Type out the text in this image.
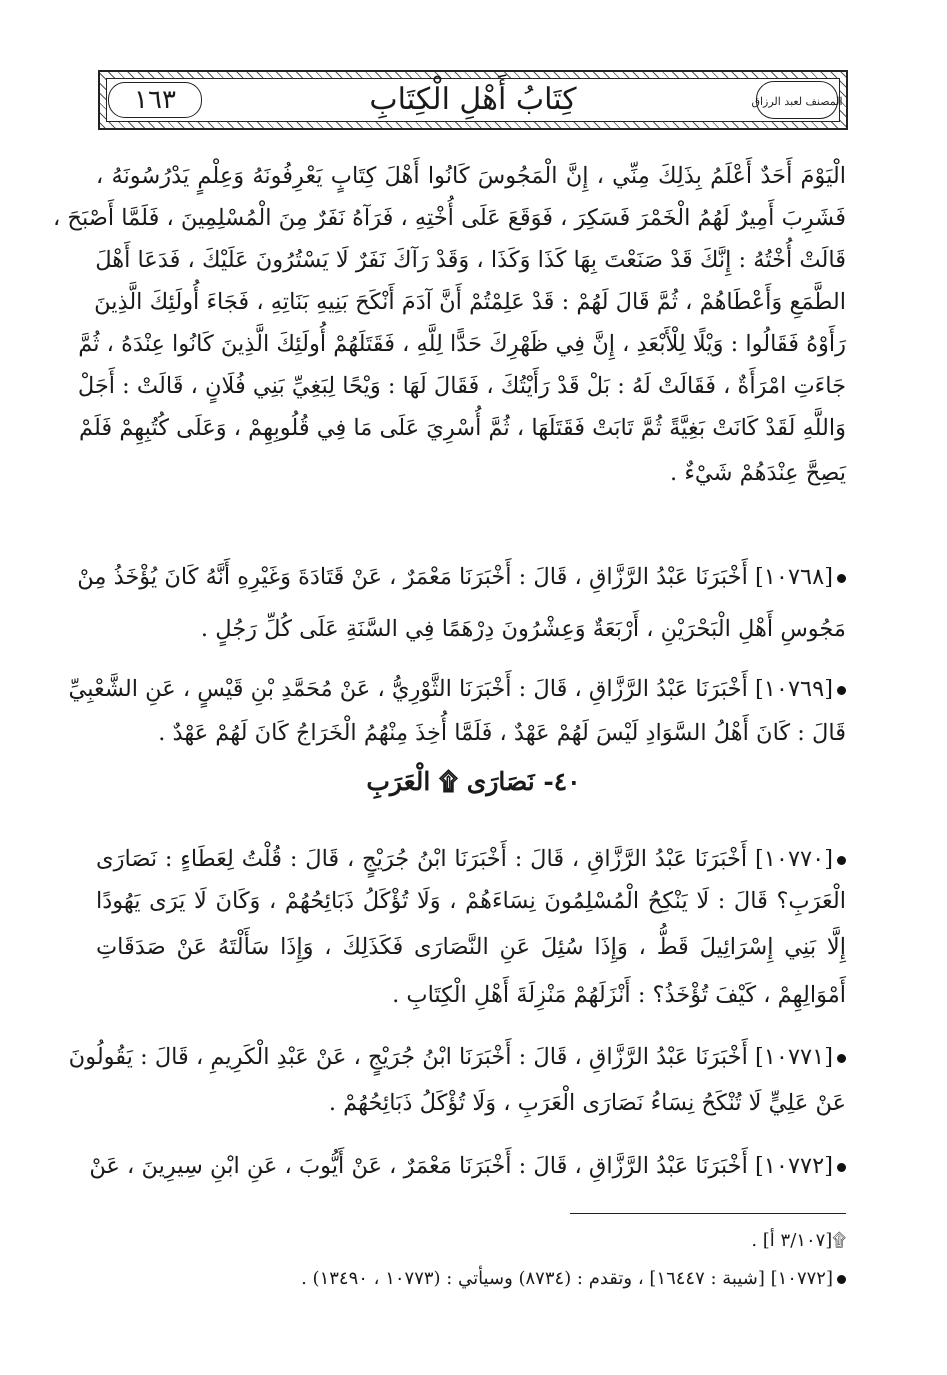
١٦٣	كِتَابُ أَهْلِ الْكِتَابِ	المصنف لعبد الرزاق
الْيَوْمَ أَحَدٌ أَعْلَمُ بِذَلِكَ مِنِّي ، إِنَّ الْمَجُوسَ كَانُوا أَهْلَ كِتَابٍ يَعْرِفُونَهُ وَعِلْمٍ يَدْرُسُونَهُ ،
فَشَرِبَ أَمِيرٌ لَهُمُ الْخَمْرَ فَسَكِرَ ، فَوَقَعَ عَلَى أُخْتِهِ ، فَرَآهُ نَفَرٌ مِنَ الْمُسْلِمِينَ ، فَلَمَّا أَصْبَحَ ،
قَالَتْ أُخْتُهُ : إِنَّكَ قَدْ صَنَعْتَ بِهَا كَذَا وَكَذَا ، وَقَدْ رَآكَ نَفَرٌ لَا يَسْتُرُونَ عَلَيْكَ ، فَدَعَا أَهْلَ
الطَّمَعِ وَأَعْطَاهُمْ ، ثُمَّ قَالَ لَهُمْ : قَدْ عَلِمْتُمْ أَنَّ آدَمَ أَنْكَحَ بَنِيهِ بَنَاتِهِ ، فَجَاءَ أُولَئِكَ الَّذِينَ
رَأَوْهُ فَقَالُوا : وَيْلًا لِلْأَبْعَدِ ، إِنَّ فِي ظَهْرِكَ حَدًّا لِلَّهِ ، فَقَتَلَهُمْ أُولَئِكَ الَّذِينَ كَانُوا عِنْدَهُ ، ثُمَّ
جَاءَتِ امْرَأَةٌ ، فَقَالَتْ لَهُ : بَلْ قَدْ رَأَيْتُكَ ، فَقَالَ لَهَا : وَيْحًا لِبَغِيِّ بَنِي فُلَانٍ ، قَالَتْ : أَجَلْ
وَاللَّهِ لَقَدْ كَانَتْ بَغِيَّةً ثُمَّ تَابَتْ فَقَتَلَهَا ، ثُمَّ أُسْرِيَ عَلَى مَا فِي قُلُوبِهِمْ ، وَعَلَى كُتُبِهِمْ فَلَمْ
يَصِحَّ عِنْدَهُمْ شَيْءٌ .
[١٠٧٦٨] أَخْبَرَنَا عَبْدُ الرَّزَّاقِ ، قَالَ : أَخْبَرَنَا مَعْمَرٌ ، عَنْ قَتَادَةَ وَغَيْرِهِ أَنَّهُ كَانَ يُؤْخَذُ مِنْ
مَجُوسِ أَهْلِ الْبَحْرَيْنِ ، أَرْبَعَةٌ وَعِشْرُونَ دِرْهَمًا فِي السَّنَةِ عَلَى كُلِّ رَجُلٍ .
[١٠٧٦٩] أَخْبَرَنَا عَبْدُ الرَّزَّاقِ ، قَالَ : أَخْبَرَنَا الثَّوْرِيُّ ، عَنْ مُحَمَّدِ بْنِ قَيْسٍ ، عَنِ الشَّعْبِيِّ
قَالَ : كَانَ أَهْلُ السَّوَادِ لَيْسَ لَهُمْ عَهْدٌ ، فَلَمَّا أُخِذَ مِنْهُمُ الْخَرَاجُ كَانَ لَهُمْ عَهْدٌ .
٤٠- نَصَارَى ۩ الْعَرَبِ
[١٠٧٧٠] أَخْبَرَنَا عَبْدُ الرَّزَّاقِ ، قَالَ : أَخْبَرَنَا ابْنُ جُرَيْجٍ ، قَالَ : قُلْتُ لِعَطَاءٍ : نَصَارَى
الْعَرَبِ؟ قَالَ : لَا يَنْكِحُ الْمُسْلِمُونَ نِسَاءَهُمْ ، وَلَا تُؤْكَلُ ذَبَائِحُهُمْ ، وَكَانَ لَا يَرَى يَهُودًا
إِلَّا بَنِي إِسْرَائِيلَ قَطُّ ، وَإِذَا سُئِلَ عَنِ النَّصَارَى فَكَذَلِكَ ، وَإِذَا سَأَلْتَهُ عَنْ صَدَقَاتِ
أَمْوَالِهِمْ ، كَيْفَ تُؤْخَذُ؟ : أَنْزَلَهُمْ مَنْزِلَةَ أَهْلِ الْكِتَابِ .
[١٠٧٧١] أَخْبَرَنَا عَبْدُ الرَّزَّاقِ ، قَالَ : أَخْبَرَنَا ابْنُ جُرَيْجٍ ، عَنْ عَبْدِ الْكَرِيمِ ، قَالَ : يَقُولُونَ
عَنْ عَلِيٍّ لَا تُنْكَحُ نِسَاءُ نَصَارَى الْعَرَبِ ، وَلَا تُؤْكَلُ ذَبَائِحُهُمْ .
[١٠٧٧٢] أَخْبَرَنَا عَبْدُ الرَّزَّاقِ ، قَالَ : أَخْبَرَنَا مَعْمَرٌ ، عَنْ أَيُّوبَ ، عَنِ ابْنِ سِيرِينَ ، عَنْ
۩[٣/١٠٧ أ] .
[١٠٧٧٢] [شيبة : ١٦٤٤٧] ، وتقدم : (٨٧٣٤) وسيأتي : (١٠٧٧٣ ، ١٣٤٩٠) .
